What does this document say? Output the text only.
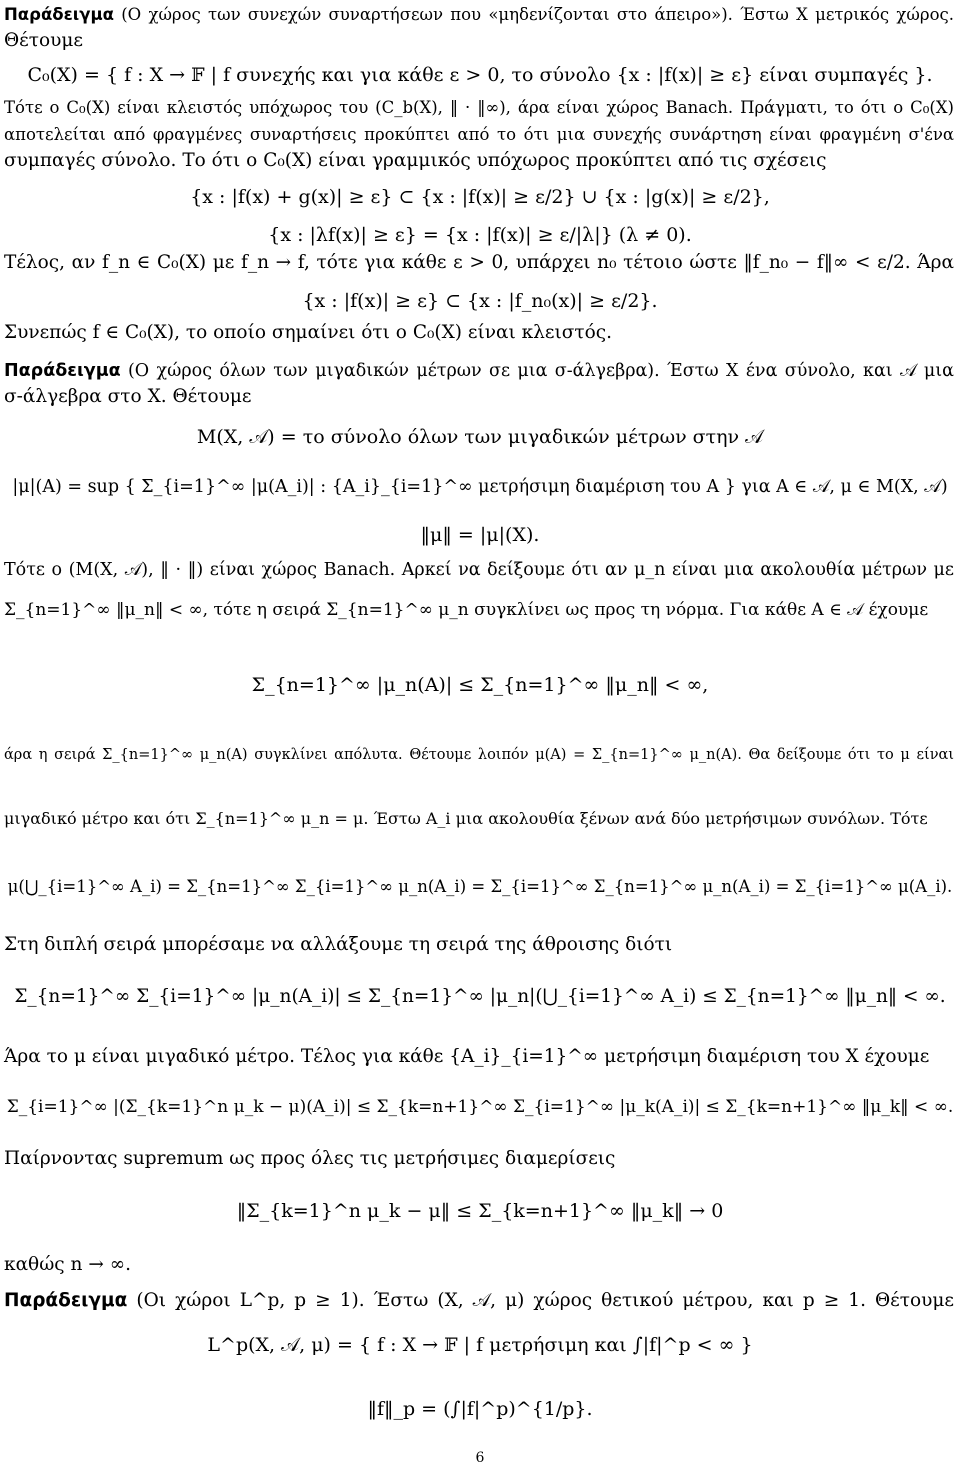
Παράδειγμα (Ο χώρος των συνεχών συναρτήσεων που «μηδενίζονται στο άπειρο»). Έστω X μετρικός χώρος.
Θέτουμε
C₀(X) = { f : X → 𝔽 | f συνεχής και για κάθε ε > 0, το σύνολο {x : |f(x)| ≥ ε} είναι συμπαγές }.
Τότε ο C₀(X) είναι κλειστός υπόχωρος του (C_b(X), ‖ · ‖∞), άρα είναι χώρος Banach. Πράγματι, το ότι ο C₀(X)
αποτελείται από φραγμένες συναρτήσεις προκύπτει από το ότι μια συνεχής συνάρτηση είναι φραγμένη σ'ένα
συμπαγές σύνολο. Το ότι ο C₀(X) είναι γραμμικός υπόχωρος προκύπτει από τις σχέσεις
{x : |f(x) + g(x)| ≥ ε} ⊂ {x : |f(x)| ≥ ε/2} ∪ {x : |g(x)| ≥ ε/2},
{x : |λf(x)| ≥ ε} = {x : |f(x)| ≥ ε/|λ|} (λ ≠ 0).
Τέλος, αν f_n ∈ C₀(X) με f_n → f, τότε για κάθε ε > 0, υπάρχει n₀ τέτοιο ώστε ‖f_n₀ − f‖∞ < ε/2. Άρα
{x : |f(x)| ≥ ε} ⊂ {x : |f_n₀(x)| ≥ ε/2}.
Συνεπώς f ∈ C₀(X), το οποίο σημαίνει ότι ο C₀(X) είναι κλειστός.
Παράδειγμα (Ο χώρος όλων των μιγαδικών μέτρων σε μια σ-άλγεβρα). Έστω X ένα σύνολο, και 𝒜 μια
σ-άλγεβρα στο X. Θέτουμε
M(X, 𝒜) = το σύνολο όλων των μιγαδικών μέτρων στην 𝒜
|μ|(A) = sup { Σ_{i=1}^∞ |μ(A_i)| : {A_i}_{i=1}^∞ μετρήσιμη διαμέριση του A } για A ∈ 𝒜, μ ∈ M(X, 𝒜)
‖μ‖ = |μ|(X).
Τότε ο (M(X, 𝒜), ‖ · ‖) είναι χώρος Banach. Αρκεί να δείξουμε ότι αν μ_n είναι μια ακολουθία μέτρων με
Σ_{n=1}^∞ ‖μ_n‖ < ∞, τότε η σειρά Σ_{n=1}^∞ μ_n συγκλίνει ως προς τη νόρμα. Για κάθε A ∈ 𝒜 έχουμε
Σ_{n=1}^∞ |μ_n(A)| ≤ Σ_{n=1}^∞ ‖μ_n‖ < ∞,
άρα η σειρά Σ_{n=1}^∞ μ_n(A) συγκλίνει απόλυτα. Θέτουμε λοιπόν μ(A) = Σ_{n=1}^∞ μ_n(A). Θα δείξουμε ότι το μ είναι
μιγαδικό μέτρο και ότι Σ_{n=1}^∞ μ_n = μ. Έστω A_i μια ακολουθία ξένων ανά δύο μετρήσιμων συνόλων. Τότε
μ(⋃_{i=1}^∞ A_i) = Σ_{n=1}^∞ Σ_{i=1}^∞ μ_n(A_i) = Σ_{i=1}^∞ Σ_{n=1}^∞ μ_n(A_i) = Σ_{i=1}^∞ μ(A_i).
Στη διπλή σειρά μπορέσαμε να αλλάξουμε τη σειρά της άθροισης διότι
Σ_{n=1}^∞ Σ_{i=1}^∞ |μ_n(A_i)| ≤ Σ_{n=1}^∞ |μ_n|(⋃_{i=1}^∞ A_i) ≤ Σ_{n=1}^∞ ‖μ_n‖ < ∞.
Άρα το μ είναι μιγαδικό μέτρο. Τέλος για κάθε {A_i}_{i=1}^∞ μετρήσιμη διαμέριση του X έχουμε
Σ_{i=1}^∞ |(Σ_{k=1}^n μ_k − μ)(A_i)| ≤ Σ_{k=n+1}^∞ Σ_{i=1}^∞ |μ_k(A_i)| ≤ Σ_{k=n+1}^∞ ‖μ_k‖ < ∞.
Παίρνοντας supremum ως προς όλες τις μετρήσιμες διαμερίσεις
‖Σ_{k=1}^n μ_k − μ‖ ≤ Σ_{k=n+1}^∞ ‖μ_k‖ → 0
καθώς n → ∞.
Παράδειγμα (Οι χώροι L^p, p ≥ 1). Έστω (X, 𝒜, μ) χώρος θετικού μέτρου, και p ≥ 1. Θέτουμε
L^p(X, 𝒜, μ) = { f : X → 𝔽 | f μετρήσιμη και ∫|f|^p < ∞ }
‖f‖_p = (∫|f|^p)^{1/p}.
6
